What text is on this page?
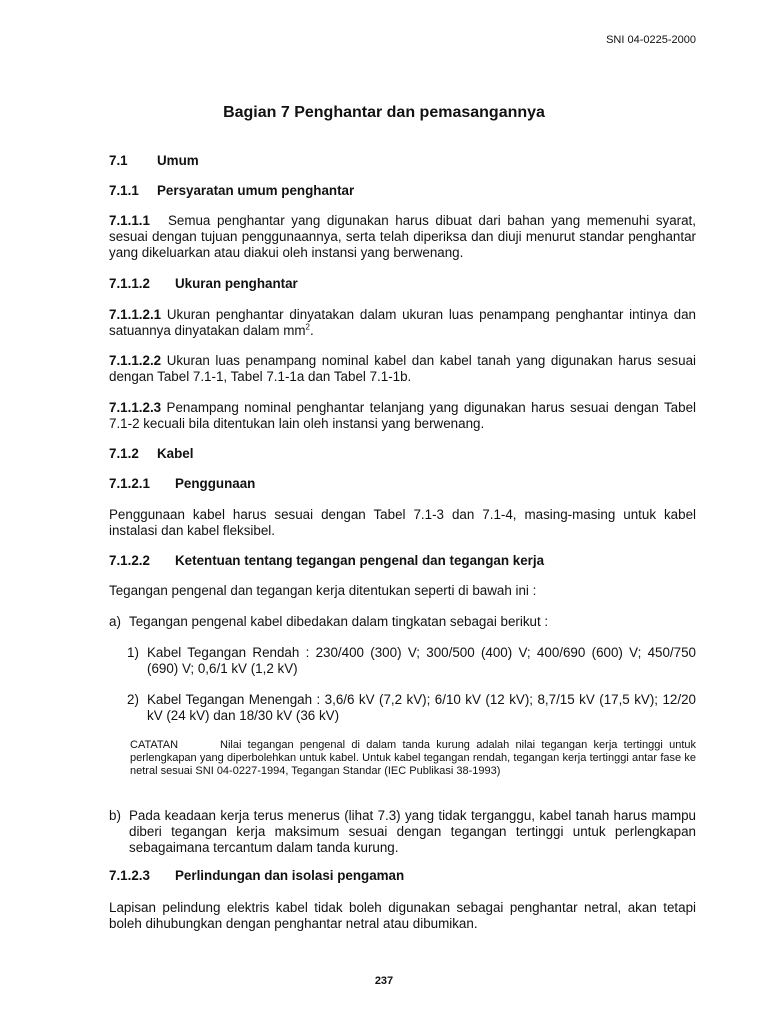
SNI 04-0225-2000
Bagian 7 Penghantar dan pemasangannya
7.1 Umum
7.1.1 Persyaratan umum penghantar
7.1.1.1 Semua penghantar yang digunakan harus dibuat dari bahan yang memenuhi syarat, sesuai dengan tujuan penggunaannya, serta telah diperiksa dan diuji menurut standar penghantar yang dikeluarkan atau diakui oleh instansi yang berwenang.
7.1.1.2 Ukuran penghantar
7.1.1.2.1 Ukuran penghantar dinyatakan dalam ukuran luas penampang penghantar intinya dan satuannya dinyatakan dalam $mm^2$.
7.1.1.2.2 Ukuran luas penampang nominal kabel dan kabel tanah yang digunakan harus sesuai dengan Tabel 7.1-1, Tabel 7.1-1a dan Tabel 7.1-1b.
7.1.1.2.3 Penampang nominal penghantar telanjang yang digunakan harus sesuai dengan Tabel 7.1-2 kecuali bila ditentukan lain oleh instansi yang berwenang.
7.1.2 Kabel
7.1.2.1 Penggunaan
Penggunaan kabel harus sesuai dengan Tabel 7.1-3 dan 7.1-4, masing-masing untuk kabel instalasi dan kabel fleksibel.
7.1.2.2 Ketentuan tentang tegangan pengenal dan tegangan kerja
Tegangan pengenal dan tegangan kerja ditentukan seperti di bawah ini :
a) Tegangan pengenal kabel dibedakan dalam tingkatan sebagai berikut :
1) Kabel Tegangan Rendah : 230/400 (300) V; 300/500 (400) V; 400/690 (600) V; 450/750 (690) V; 0,6/1 kV (1,2 kV)
2) Kabel Tegangan Menengah : 3,6/6 kV (7,2 kV); 6/10 kV (12 kV); 8,7/15 kV (17,5 kV); 12/20 kV (24 kV) dan 18/30 kV (36 kV)
CATATAN	Nilai tegangan pengenal di dalam tanda kurung adalah nilai tegangan kerja tertinggi untuk perlengkapan yang diperbolehkan untuk kabel. Untuk kabel tegangan rendah, tegangan kerja tertinggi antar fase ke netral sesuai SNI 04-0227-1994, Tegangan Standar (IEC Publikasi 38-1993)
b) Pada keadaan kerja terus menerus (lihat 7.3) yang tidak terganggu, kabel tanah harus mampu diberi tegangan kerja maksimum sesuai dengan tegangan tertinggi untuk perlengkapan sebagaimana tercantum dalam tanda kurung.
7.1.2.3 Perlindungan dan isolasi pengaman
Lapisan pelindung elektris kabel tidak boleh digunakan sebagai penghantar netral, akan tetapi boleh dihubungkan dengan penghantar netral atau dibumikan.
237
